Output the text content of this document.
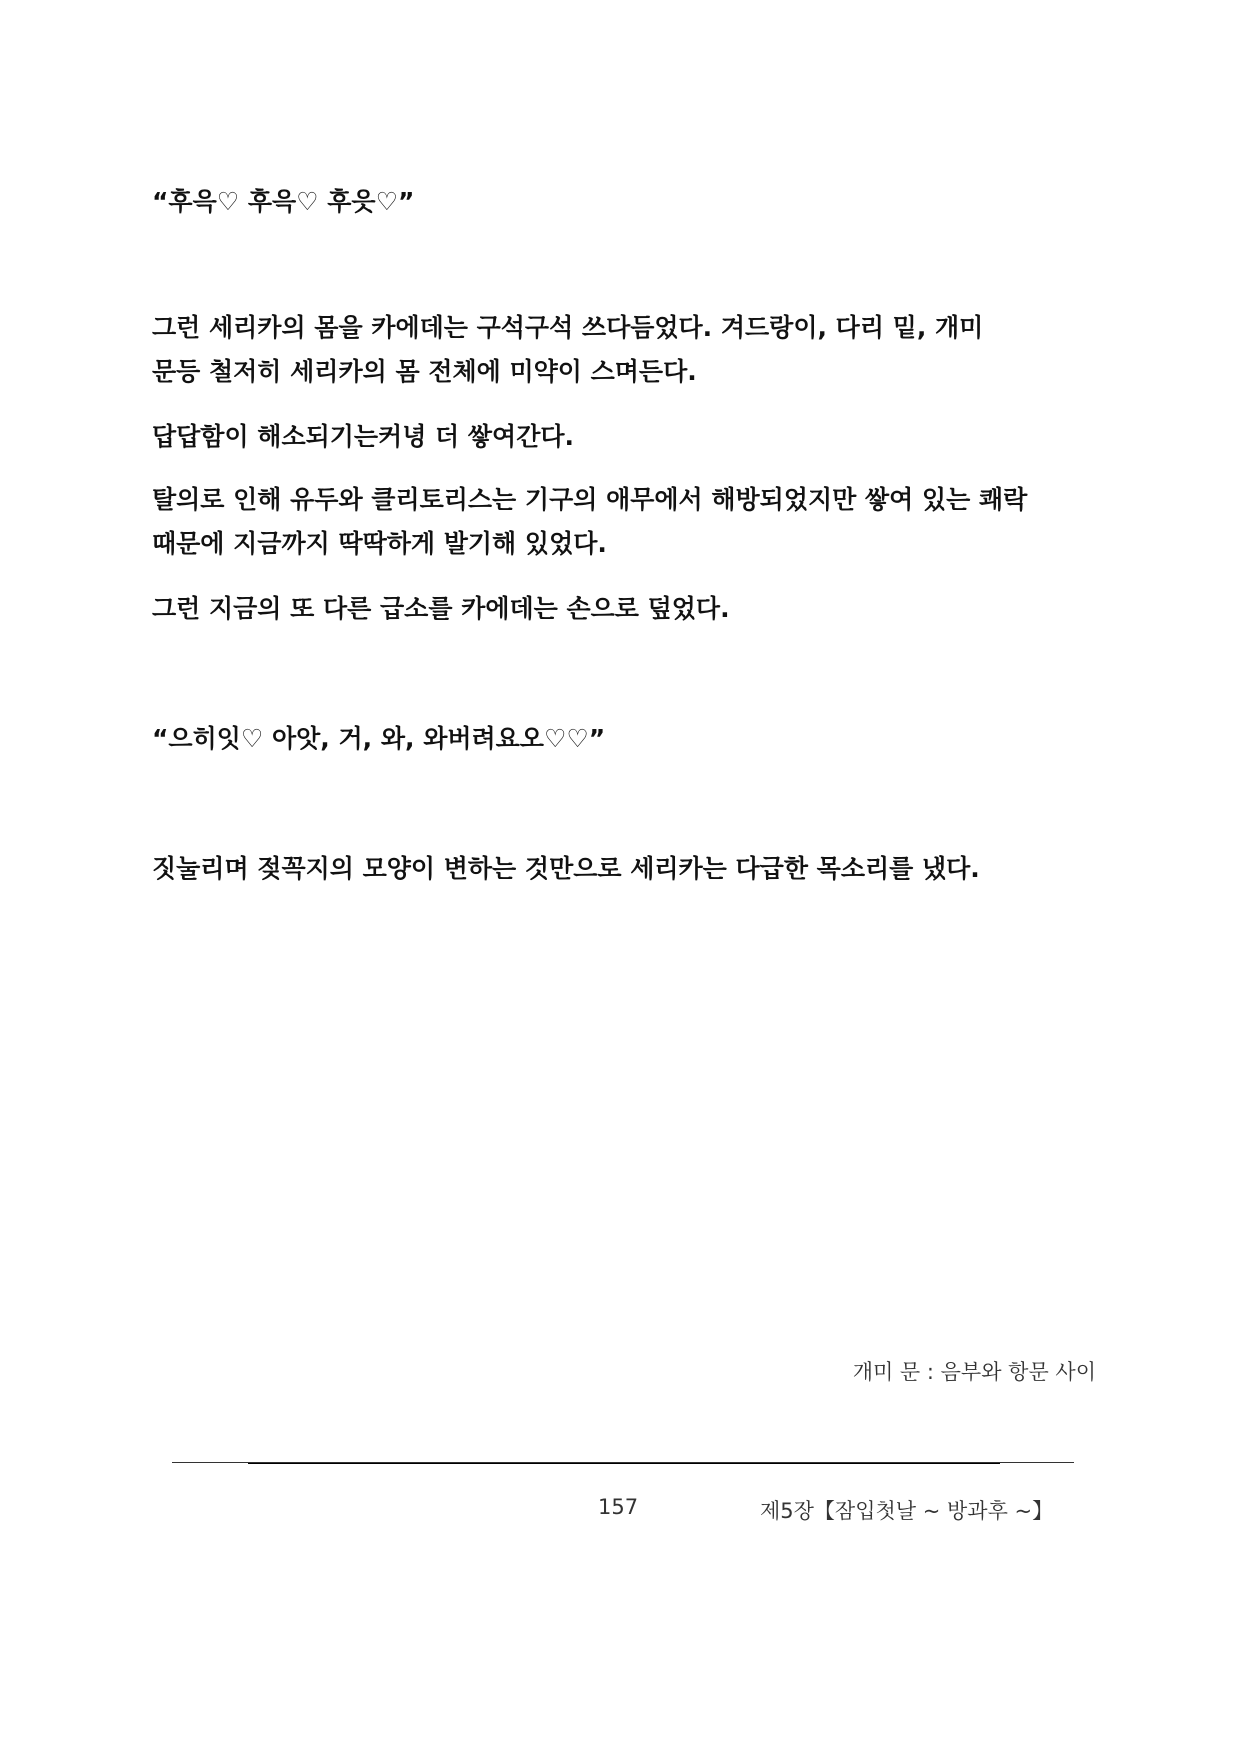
“후윽♡ 후윽♡ 후읏♡”

그런 세리카의 몸을 카에데는 구석구석 쓰다듬었다. 겨드랑이, 다리 밑, 개미

문등 철저히 세리카의 몸 전체에 미약이 스며든다.

답답함이 해소되기는커녕 더 쌓여간다.

탈의로 인해 유두와 클리토리스는 기구의 애무에서 해방되었지만 쌓여 있는 쾌락

때문에 지금까지 딱딱하게 발기해 있었다.

그런 지금의 또 다른 급소를 카에데는 손으로 덮었다.

“으히잇♡ 아앗, 거, 와, 와버려요오♡♡”

짓눌리며 젖꼭지의 모양이 변하는 것만으로 세리카는 다급한 목소리를 냈다.

개미 문 : 음부와 항문 사이
157	제5장【잠입첫날 ~ 방과후 ~】
